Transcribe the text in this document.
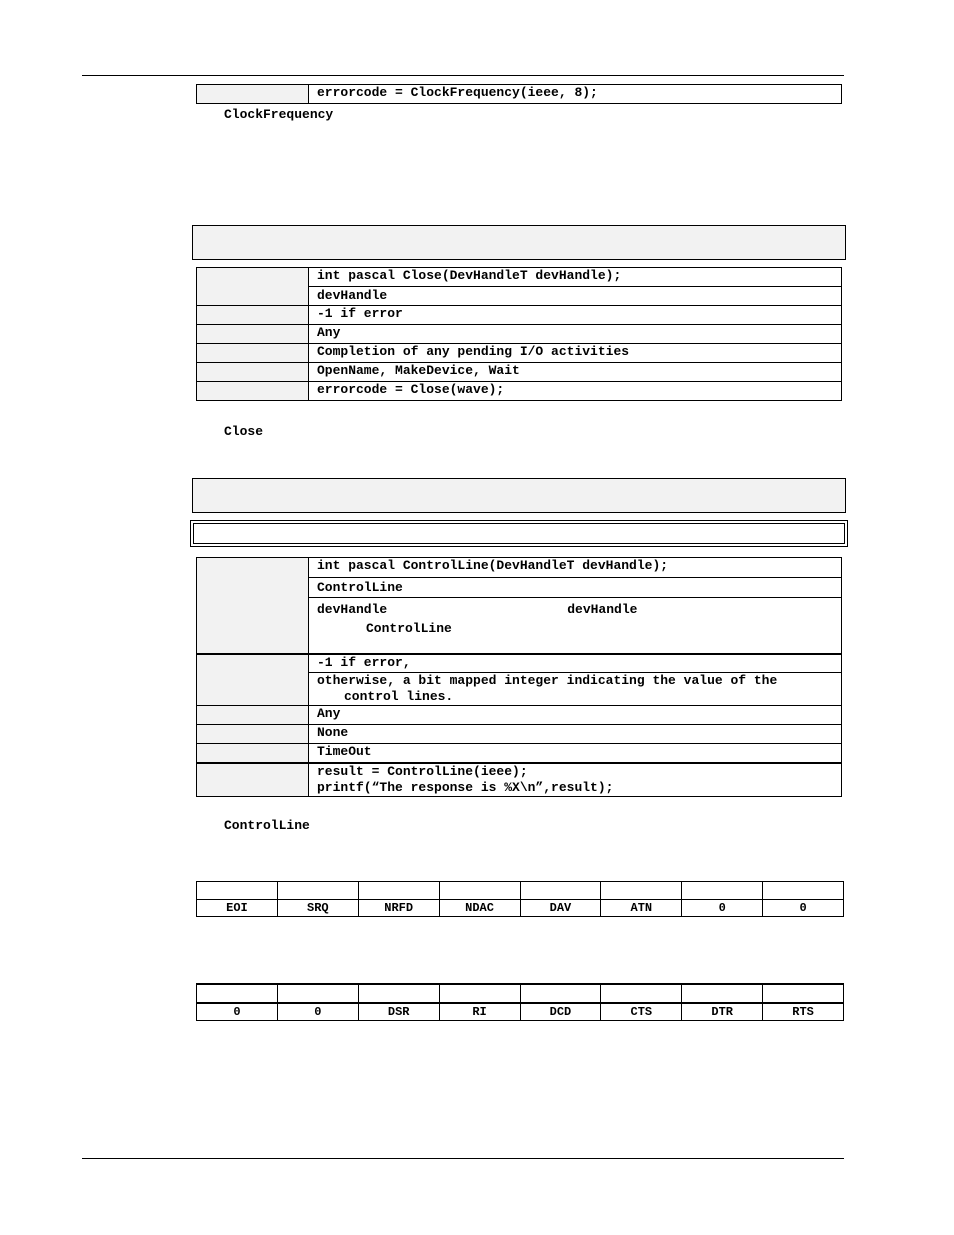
	errorcode = ClockFrequency(ieee, 8);
ClockFrequency
	int pascal Close(DevHandleT devHandle);
	devHandle
	-1 if error
	Any
	Completion of any pending I/O activities
	OpenName, MakeDevice, Wait
	errorcode = Close(wave);
Close
	int pascal ControlLine(DevHandleT devHandle);
	ControlLine
	devHandle devHandle
ControlLine
	-1 if error,
	otherwise, a bit mapped integer indicating the value of the
control lines.
	Any
	None
	TimeOut
	result = ControlLine(ieee);
printf(“The response is %X\n”,result);
ControlLine

EOI	SRQ	NRFD	NDAC	DAV	ATN	0	0

0	0	DSR	RI	DCD	CTS	DTR	RTS
